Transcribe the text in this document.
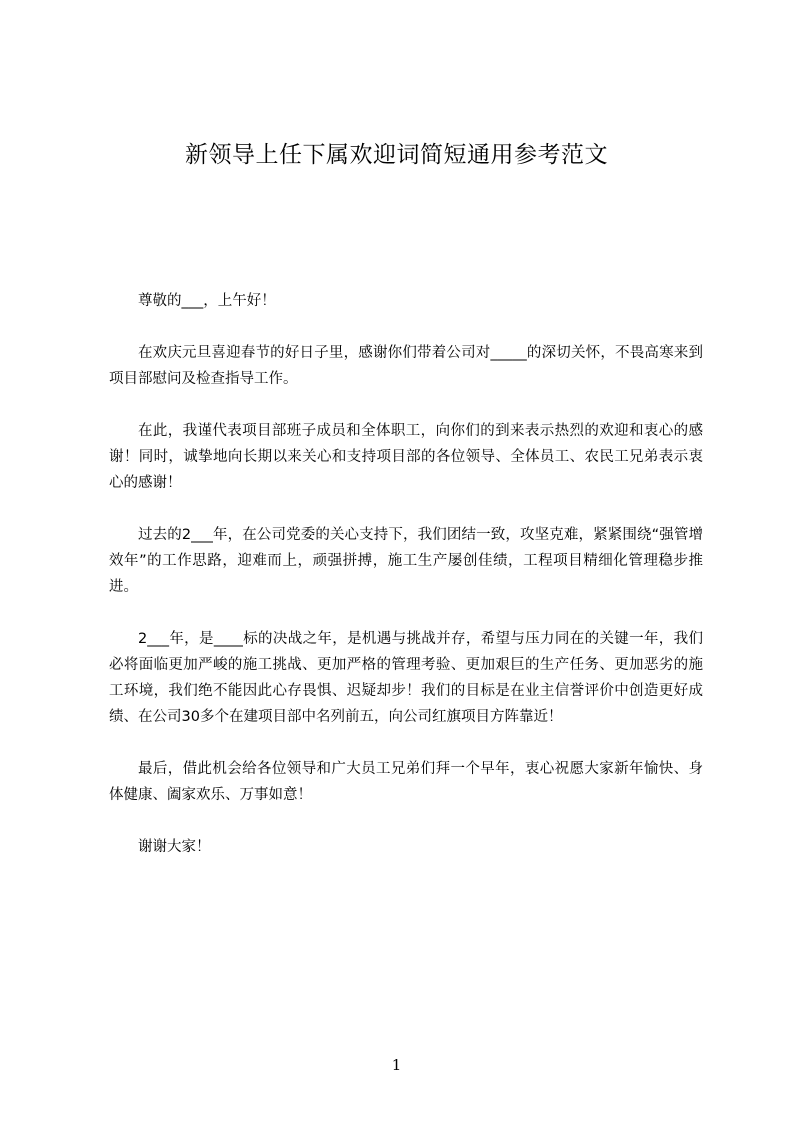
新领导上任下属欢迎词简短通用参考范文

尊敬的___，上午好！

在欢庆元旦喜迎春节的好日子里，感谢你们带着公司对_____的深切关怀，不畏高寒来到项目部慰问及检查指导工作。

在此，我谨代表项目部班子成员和全体职工，向你们的到来表示热烈的欢迎和衷心的感谢！同时，诚挚地向长期以来关心和支持项目部的各位领导、全体员工、农民工兄弟表示衷心的感谢！

过去的2___年，在公司党委的关心支持下，我们团结一致，攻坚克难，紧紧围绕“强管增效年”的工作思路，迎难而上，顽强拼搏，施工生产屡创佳绩，工程项目精细化管理稳步推进。

2___年，是____标的决战之年，是机遇与挑战并存，希望与压力同在的关键一年，我们必将面临更加严峻的施工挑战、更加严格的管理考验、更加艰巨的生产任务、更加恶劣的施工环境，我们绝不能因此心存畏惧、迟疑却步！我们的目标是在业主信誉评价中创造更好成绩、在公司30多个在建项目部中名列前五，向公司红旗项目方阵靠近！

最后，借此机会给各位领导和广大员工兄弟们拜一个早年，衷心祝愿大家新年愉快、身体健康、阖家欢乐、万事如意！

谢谢大家！

1
